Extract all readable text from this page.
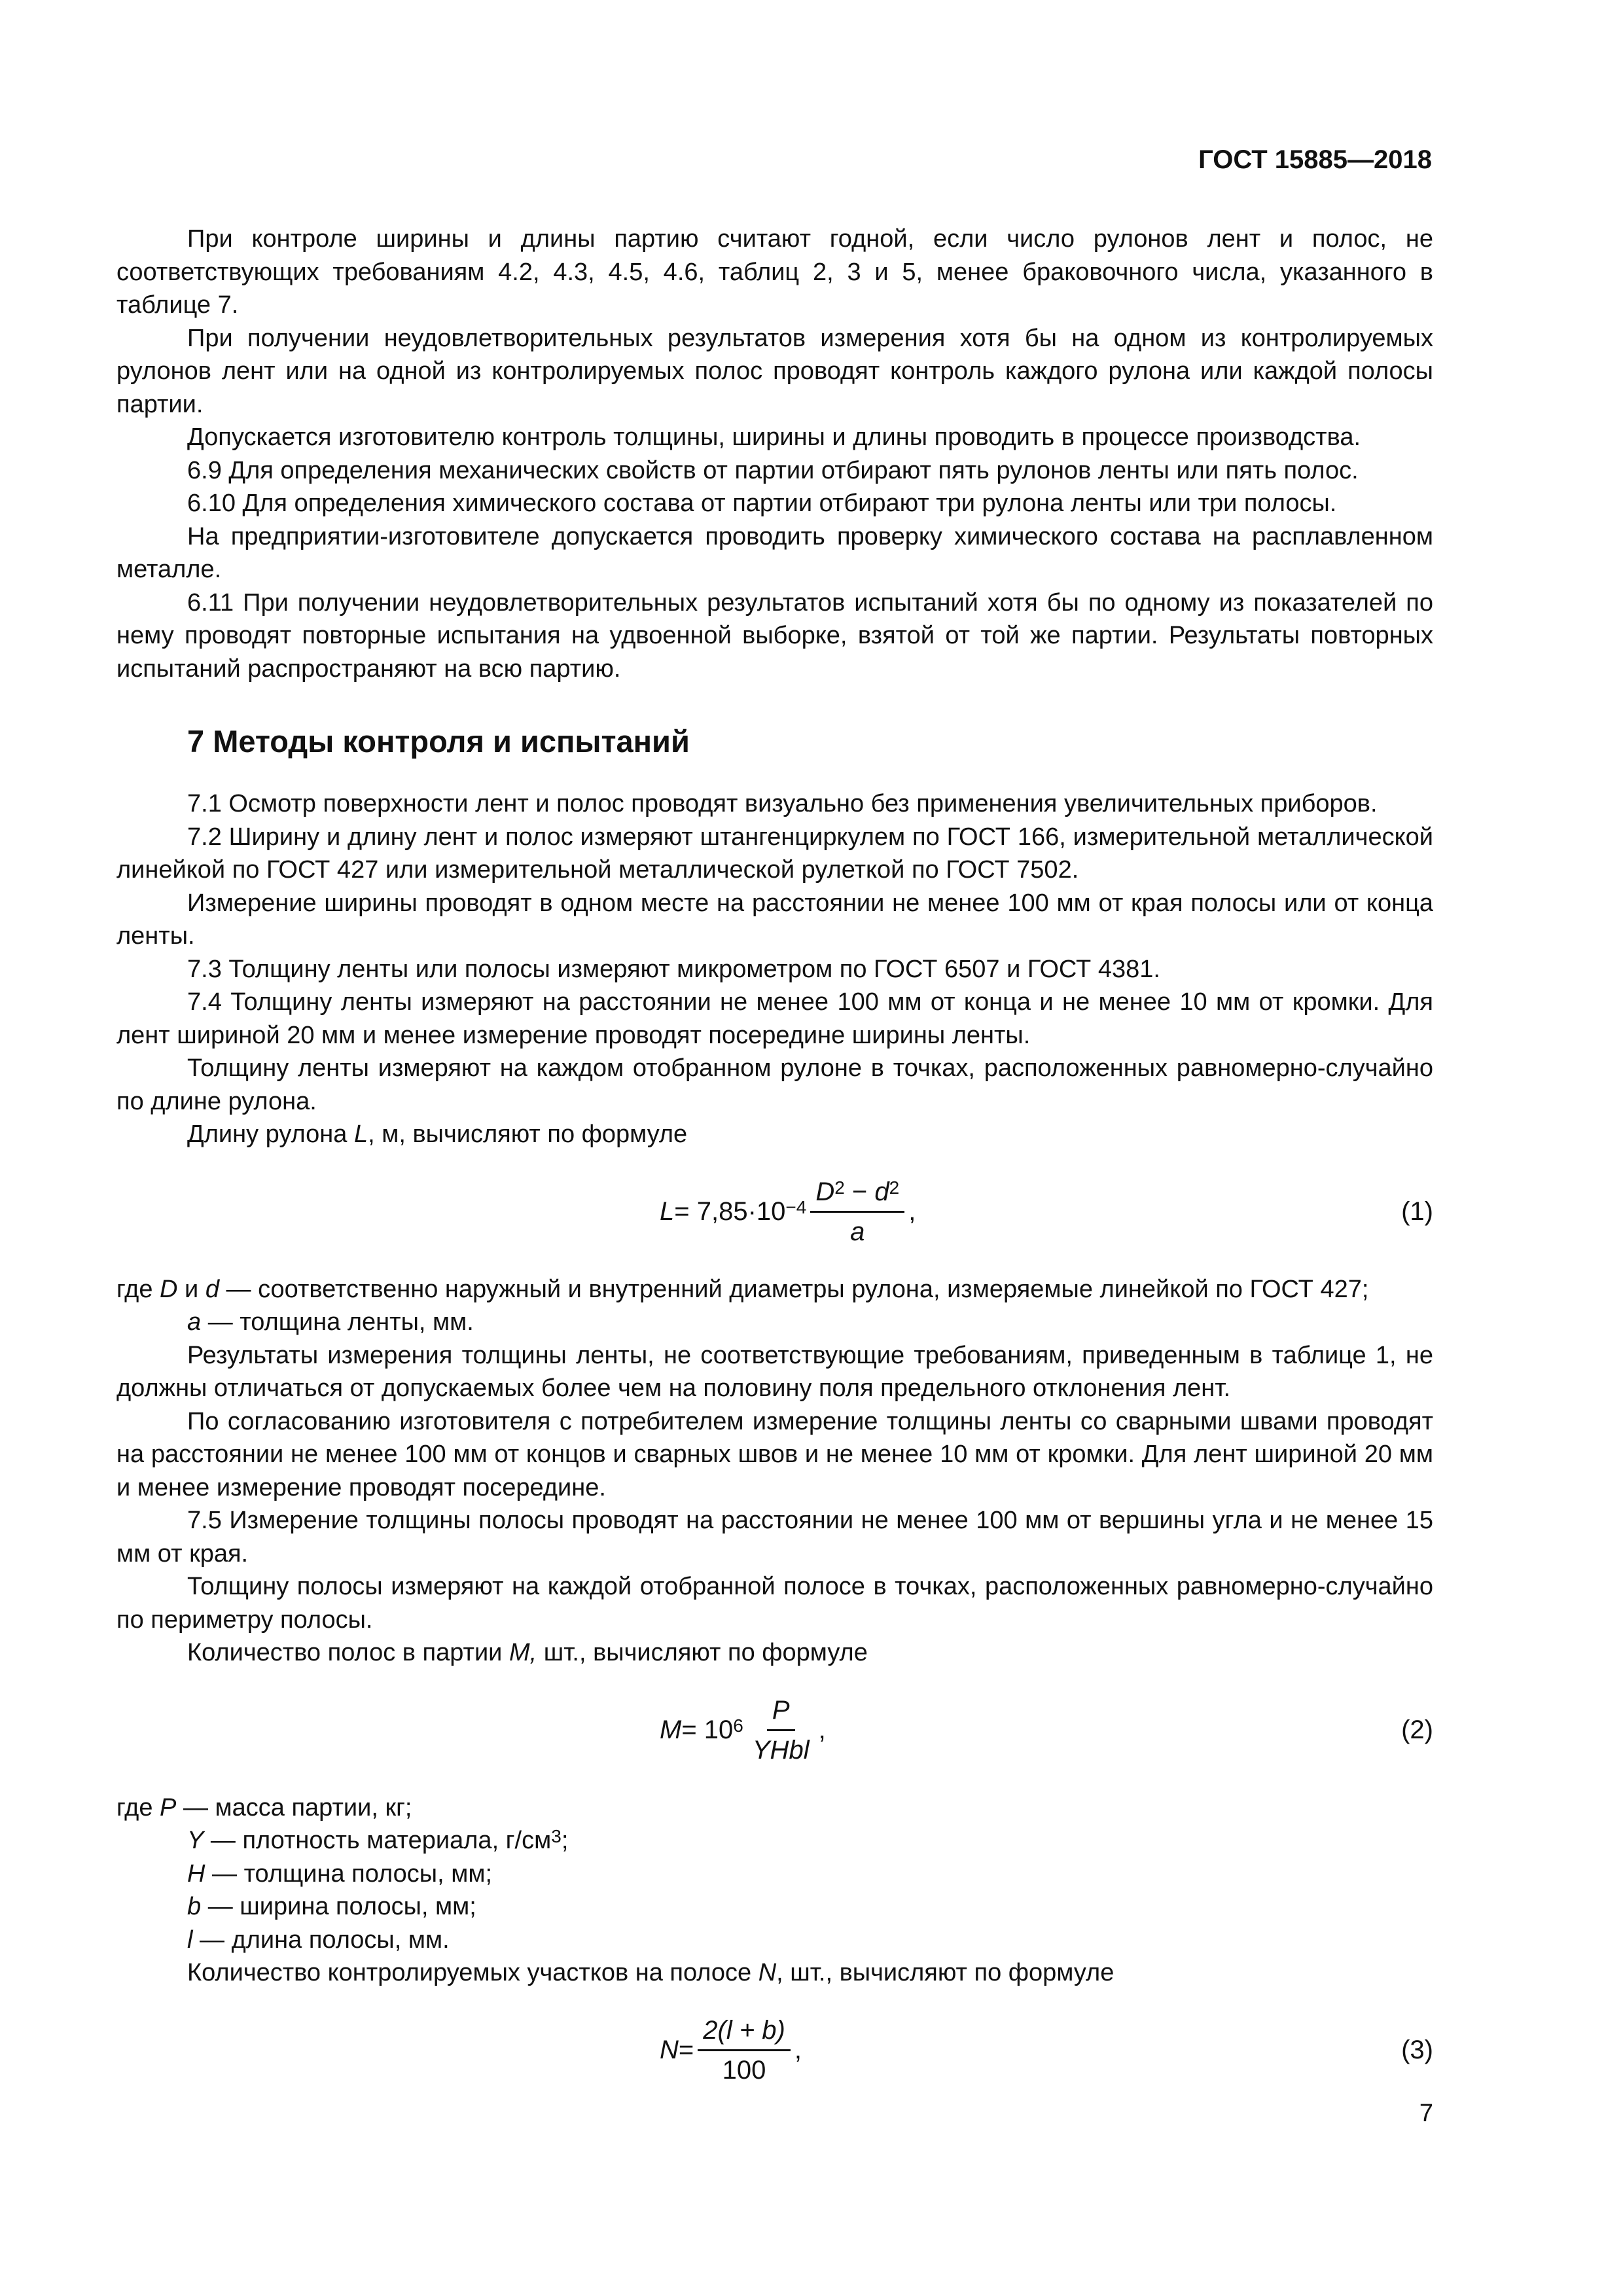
ГОСТ 15885—2018

При контроле ширины и длины партию считают годной, если число рулонов лент и полос, не соответствующих требованиям 4.2, 4.3, 4.5, 4.6, таблиц 2, 3 и 5, менее браковочного числа, указанного в таблице 7.

При получении неудовлетворительных результатов измерения хотя бы на одном из контролируемых рулонов лент или на одной из контролируемых полос проводят контроль каждого рулона или каждой полосы партии.

Допускается изготовителю контроль толщины, ширины и длины проводить в процессе производства.

6.9 Для определения механических свойств от партии отбирают пять рулонов ленты или пять полос.

6.10 Для определения химического состава от партии отбирают три рулона ленты или три полосы.

На предприятии-изготовителе допускается проводить проверку химического состава на расплавленном металле.

6.11 При получении неудовлетворительных результатов испытаний хотя бы по одному из показателей по нему проводят повторные испытания на удвоенной выборке, взятой от той же партии. Результаты повторных испытаний распространяют на всю партию.

7 Методы контроля и испытаний

7.1 Осмотр поверхности лент и полос проводят визуально без применения увеличительных приборов.

7.2 Ширину и длину лент и полос измеряют штангенциркулем по ГОСТ 166, измерительной металлической линейкой по ГОСТ 427 или измерительной металлической рулеткой по ГОСТ 7502.

Измерение ширины проводят в одном месте на расстоянии не менее 100 мм от края полосы или от конца ленты.

7.3 Толщину ленты или полосы измеряют микрометром по ГОСТ 6507 и ГОСТ 4381.

7.4 Толщину ленты измеряют на расстоянии не менее 100 мм от конца и не менее 10 мм от кромки. Для лент шириной 20 мм и менее измерение проводят посередине ширины ленты.

Толщину ленты измеряют на каждом отобранном рулоне в точках, расположенных равномерно-случайно по длине рулона.

Длину рулона L, м, вычисляют по формуле

$L = 7,85\cdot 10^{-4} \frac{D^2 - d^2}{a}$ ,	(1)

где D и d — соответственно наружный и внутренний диаметры рулона, измеряемые линейкой по ГОСТ 427;

a — толщина ленты, мм.

Результаты измерения толщины ленты, не соответствующие требованиям, приведенным в таблице 1, не должны отличаться от допускаемых более чем на половину поля предельного отклонения лент.

По согласованию изготовителя с потребителем измерение толщины ленты со сварными швами проводят на расстоянии не менее 100 мм от концов и сварных швов и не менее 10 мм от кромки. Для лент шириной 20 мм и менее измерение проводят посередине.

7.5 Измерение толщины полосы проводят на расстоянии не менее 100 мм от вершины угла и не менее 15 мм от края.

Толщину полосы измеряют на каждой отобранной полосе в точках, расположенных равномерно-случайно по периметру полосы.

Количество полос в партии M, шт., вычисляют по формуле

$M = 10^6 \frac{P}{\text{YHbl}}$ ,	(2)

где P — масса партии, кг;

Y — плотность материала, $г/см^3$;

H — толщина полосы, мм;

b — ширина полосы, мм;

l — длина полосы, мм.

Количество контролируемых участков на полосе N, шт., вычисляют по формуле

$N = \frac{2(l + b)}{100}$ ,	(3)
7
